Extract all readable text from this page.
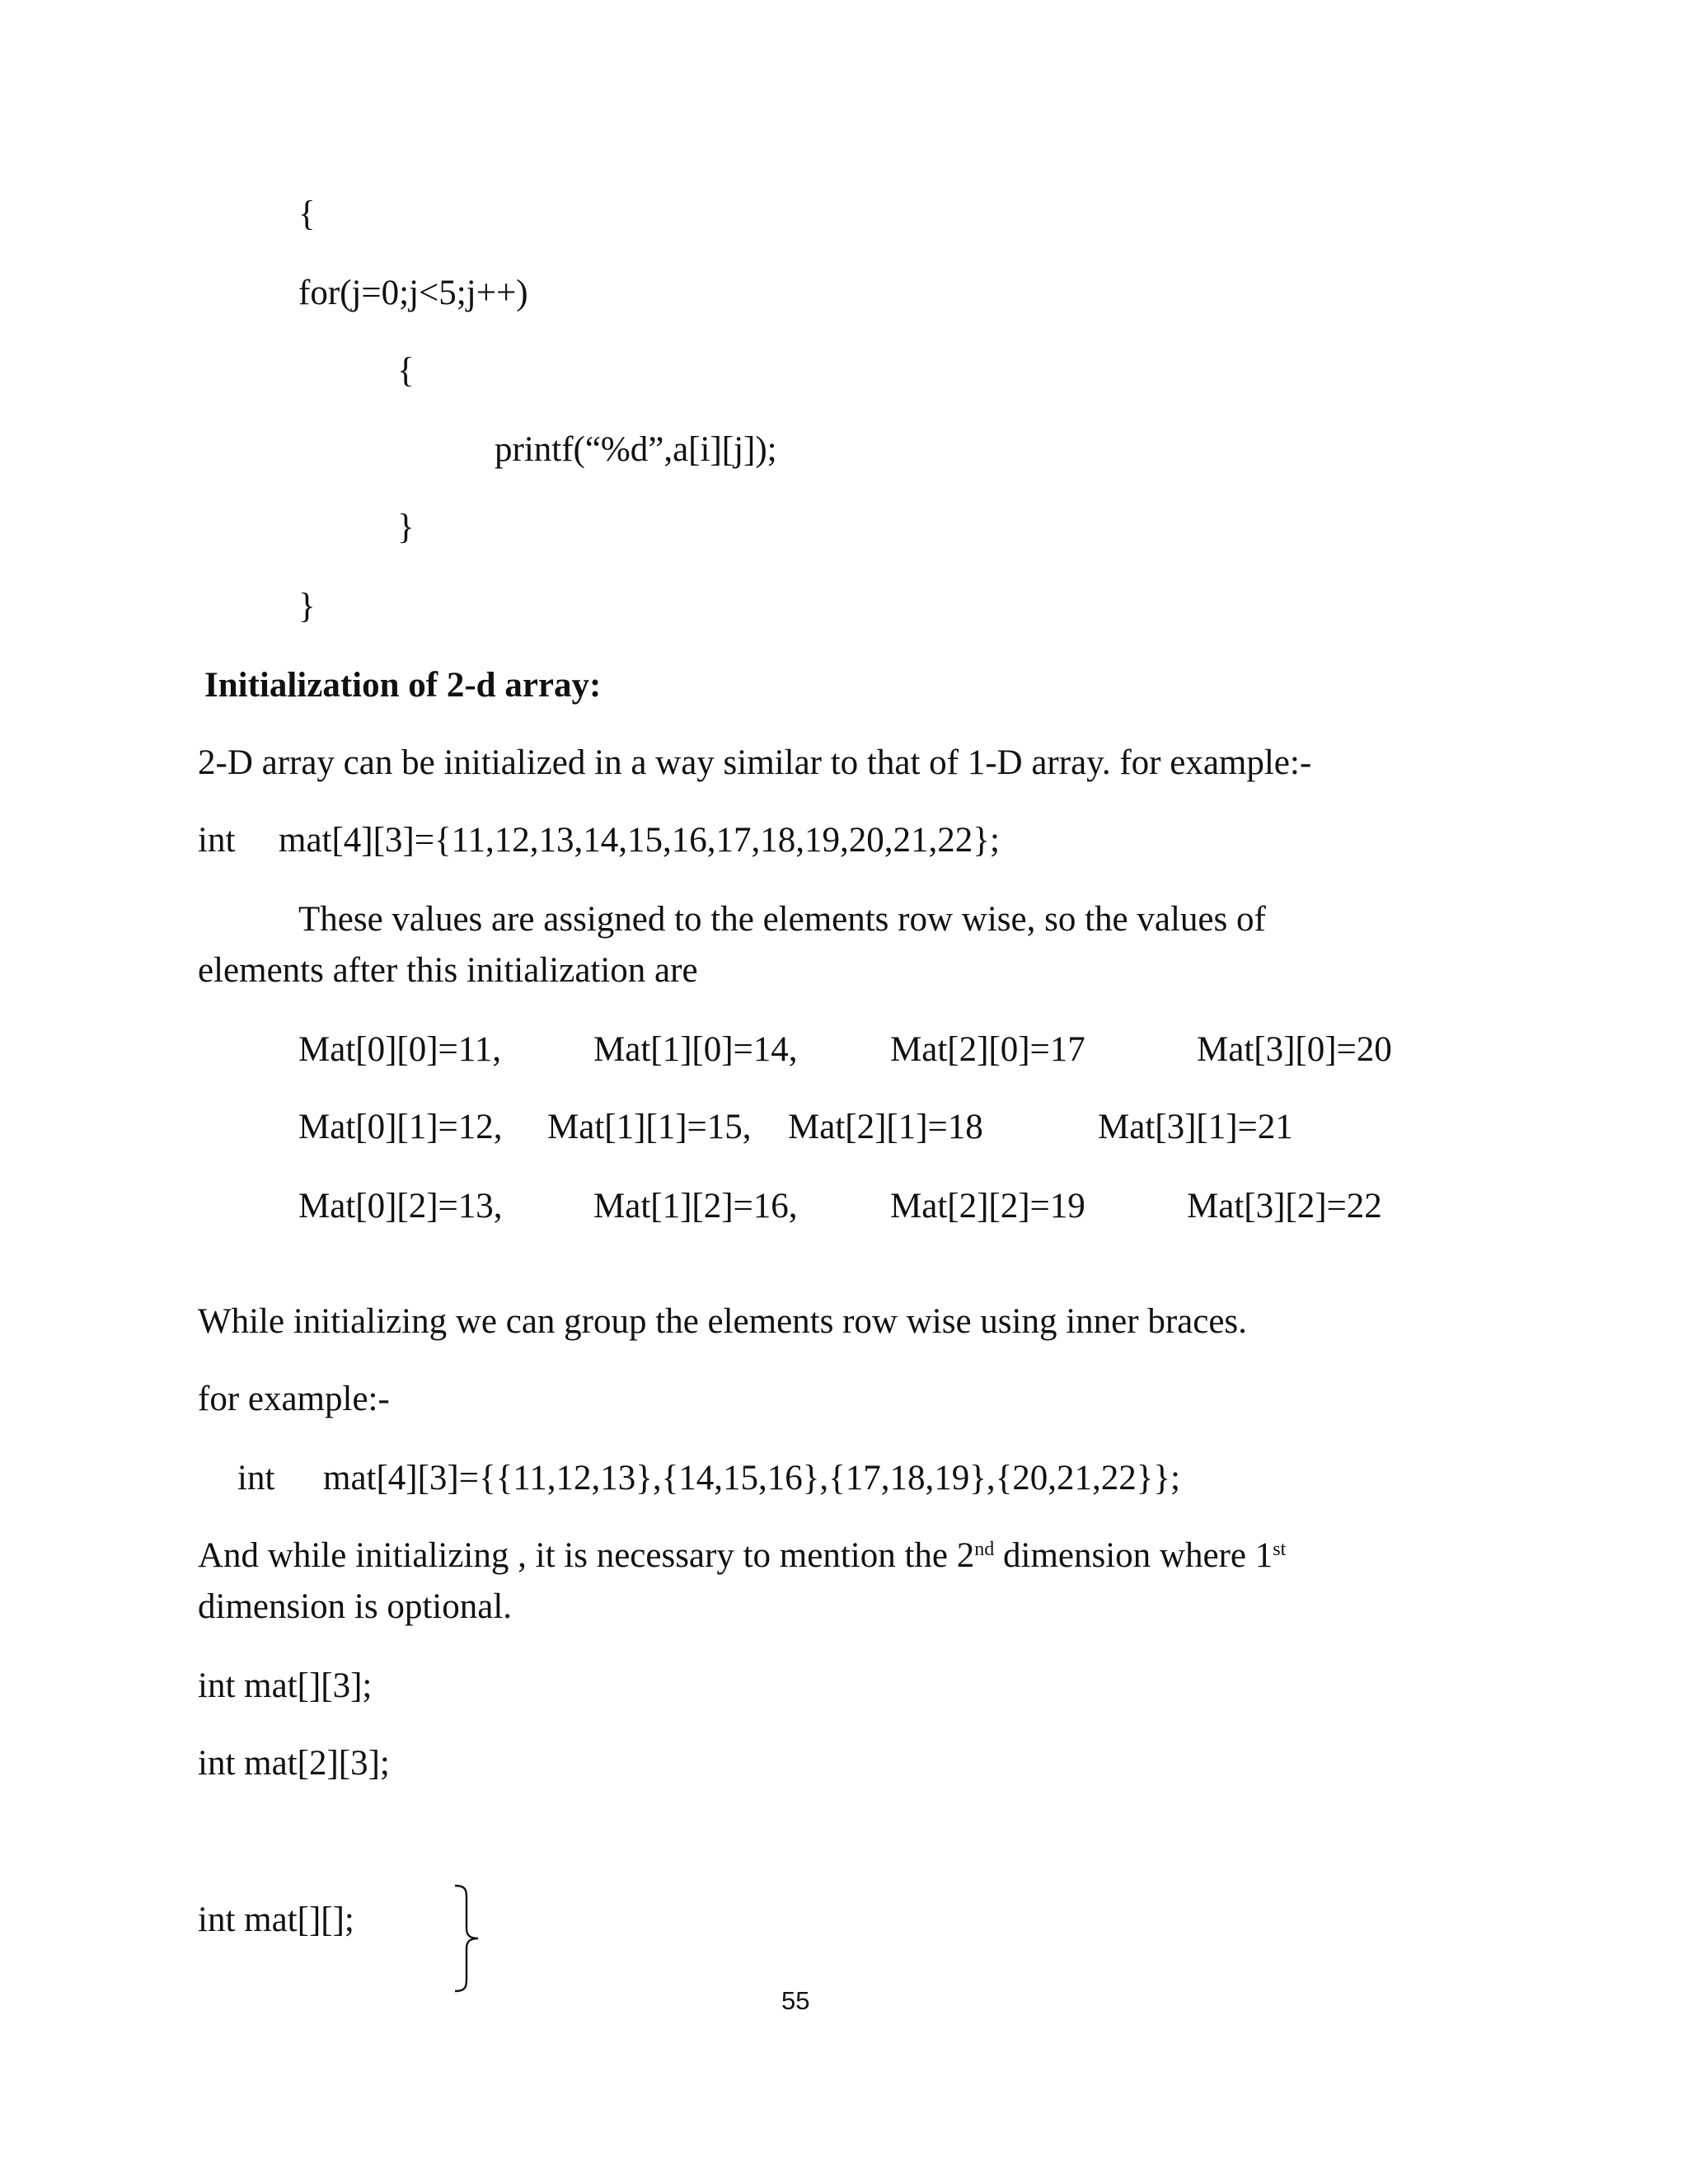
{
for(j=0;j<5;j++)
{
printf(“%d”,a[i][j]);
}
}
Initialization of 2-d array:
2-D array can be initialized in a way similar to that of 1-D array. for example:-
int mat[4][3]={11,12,13,14,15,16,17,18,19,20,21,22};
These values are assigned to the elements row wise, so the values of
elements after this initialization are
Mat[0][0]=11,	Mat[1][0]=14,	Mat[2][0]=17	Mat[3][0]=20
Mat[0][1]=12, Mat[1][1]=15, Mat[2][1]=18	Mat[3][1]=21
Mat[0][2]=13,	Mat[1][2]=16,	Mat[2][2]=19	Mat[3][2]=22
While initializing we can group the elements row wise using inner braces.
for example:-
int mat[4][3]={{11,12,13},{14,15,16},{17,18,19},{20,21,22}};
And while initializing , it is necessary to mention the 2nd dimension where 1st
dimension is optional.
int mat[][3];
int mat[2][3];
int mat[][];
55
